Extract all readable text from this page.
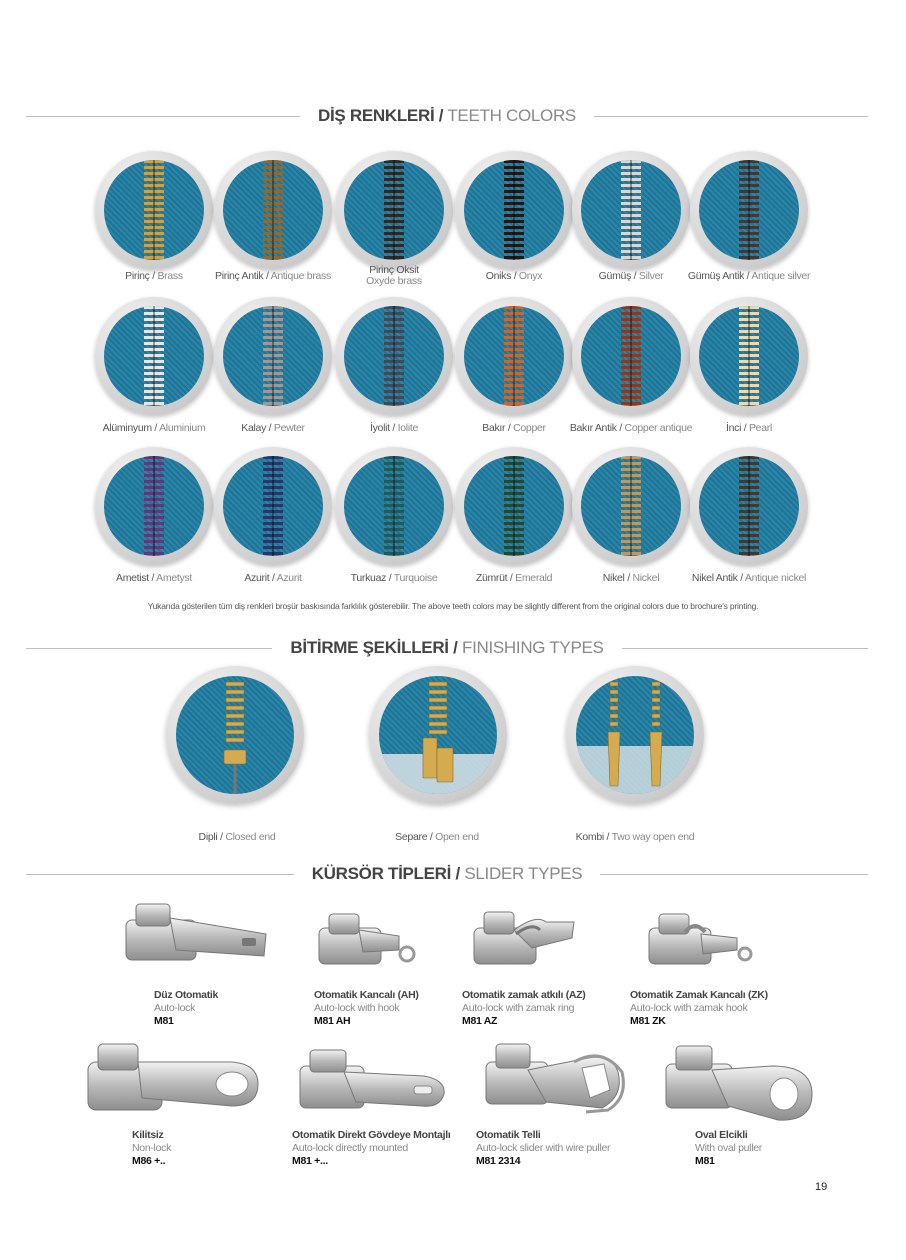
DİŞ RENKLERİ / TEETH COLORS
Pirinç / Brass	Pirinç Antik / Antique brass	Pirinç Oksit
Oxyde brass	Oniks / Onyx	Gümüş / Silver	Gümüş Antik / Antique silver
Alüminyum / Aluminium	Kalay / Pewter	İyolit / Iolite	Bakır / Copper	Bakır Antik / Copper antique	İnci / Pearl
Ametist / Ametyst	Azurit / Azurit	Turkuaz / Turquoise	Zümrüt / Emerald	Nikel / Nickel	Nikel Antik / Antique nickel
Yukarıda gösterilen tüm diş renkleri broşür baskısında farklılık gösterebilir. The above teeth colors may be slightly different from the original colors due to brochure's printing.
BİTİRME ŞEKİLLERİ / FINISHING TYPES
Dipli / Closed end	Separe / Open end	Kombi / Two way open end
KÜRSÖR TİPLERİ / SLIDER TYPES
Düz Otomatik
Auto-lock
M81
Otomatik Kancalı (AH)
Auto-lock with hook
M81 AH
Otomatik zamak atkılı (AZ)
Auto-lock with zamak ring
M81 AZ
Otomatik Zamak Kancalı (ZK)
Auto-lock with zamak hook
M81 ZK
Kilitsiz
Non-lock
M86 +..
Otomatik Direkt Gövdeye Montajlı
Auto-lock directly mounted
M81 +...
Otomatik Telli
Auto-lock slider with wire puller
M81 2314
Oval Elcikli
With oval puller
M81
19
